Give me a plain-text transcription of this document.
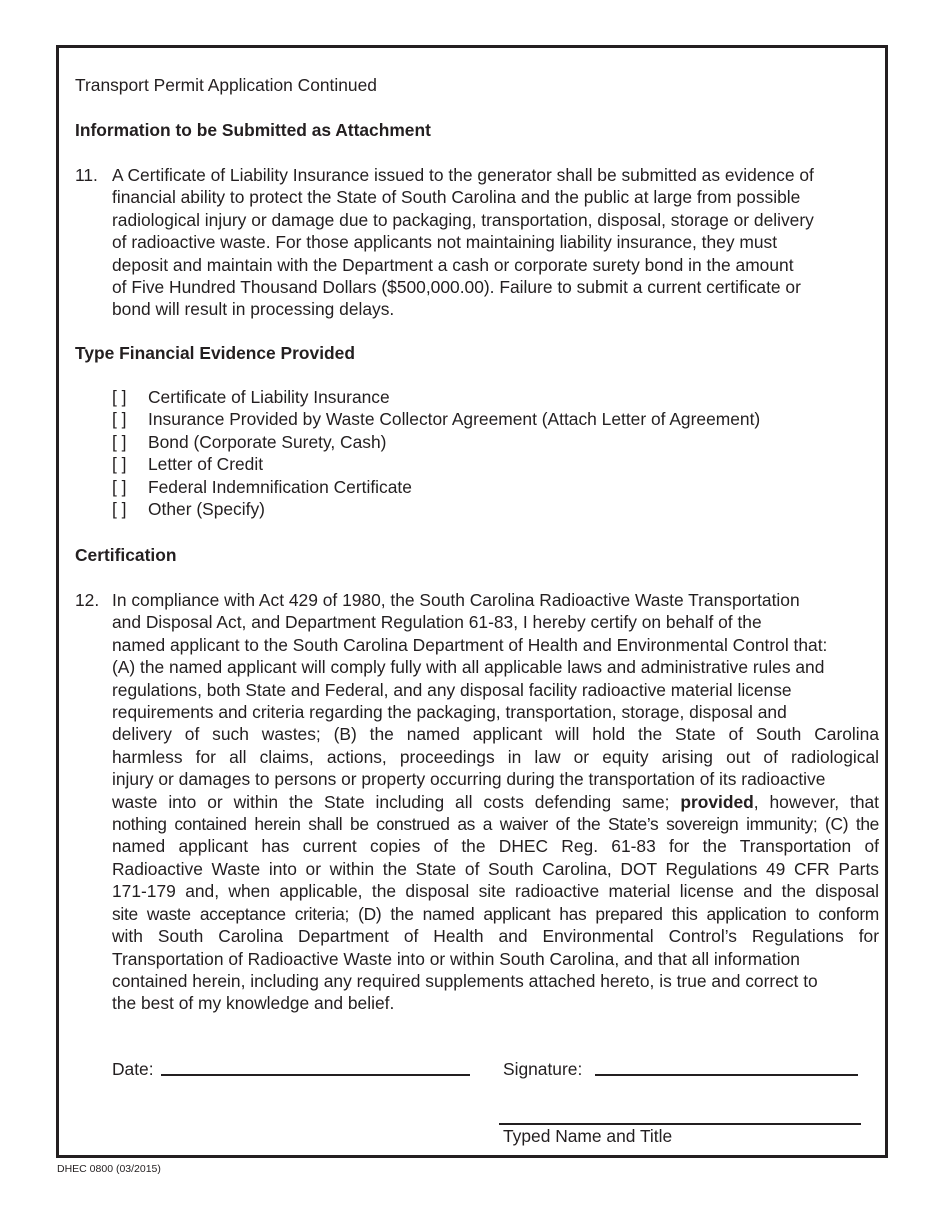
Transport Permit Application Continued
Information to be Submitted as Attachment
11. A Certificate of Liability Insurance issued to the generator shall be submitted as evidence of
financial ability to protect the State of South Carolina and the public at large from possible
radiological injury or damage due to packaging, transportation, disposal, storage or delivery
of radioactive waste. For those applicants not maintaining liability insurance, they must
deposit and maintain with the Department a cash or corporate surety bond in the amount
of Five Hundred Thousand Dollars ($500,000.00). Failure to submit a current certificate or
bond will result in processing delays.
Type Financial Evidence Provided
[ ]	Certificate of Liability Insurance
[ ]	Insurance Provided by Waste Collector Agreement (Attach Letter of Agreement)
[ ]	Bond (Corporate Surety, Cash)
[ ]	Letter of Credit
[ ]	Federal Indemnification Certificate
[ ]	Other (Specify)
Certification
12. In compliance with Act 429 of 1980, the South Carolina Radioactive Waste Transportation
and Disposal Act, and Department Regulation 61-83, I hereby certify on behalf of the
named applicant to the South Carolina Department of Health and Environmental Control that:
(A) the named applicant will comply fully with all applicable laws and administrative rules and
regulations, both State and Federal, and any disposal facility radioactive material license
requirements and criteria regarding the packaging, transportation, storage, disposal and
delivery of such wastes; (B) the named applicant will hold the State of South Carolina
harmless for all claims, actions, proceedings in law or equity arising out of radiological
injury or damages to persons or property occurring during the transportation of its radioactive
waste into or within the State including all costs defending same; provided, however, that
nothing contained herein shall be construed as a waiver of the State’s sovereign immunity; (C) the
named applicant has current copies of the DHEC Reg. 61-83 for the Transportation of
Radioactive Waste into or within the State of South Carolina, DOT Regulations 49 CFR Parts
171-179 and, when applicable, the disposal site radioactive material license and the disposal
site waste acceptance criteria; (D) the named applicant has prepared this application to conform
with South Carolina Department of Health and Environmental Control’s Regulations for
Transportation of Radioactive Waste into or within South Carolina, and that all information
contained herein, including any required supplements attached hereto, is true and correct to
the best of my knowledge and belief.
Date:	Signature:
Typed Name and Title
DHEC 0800 (03/2015)
